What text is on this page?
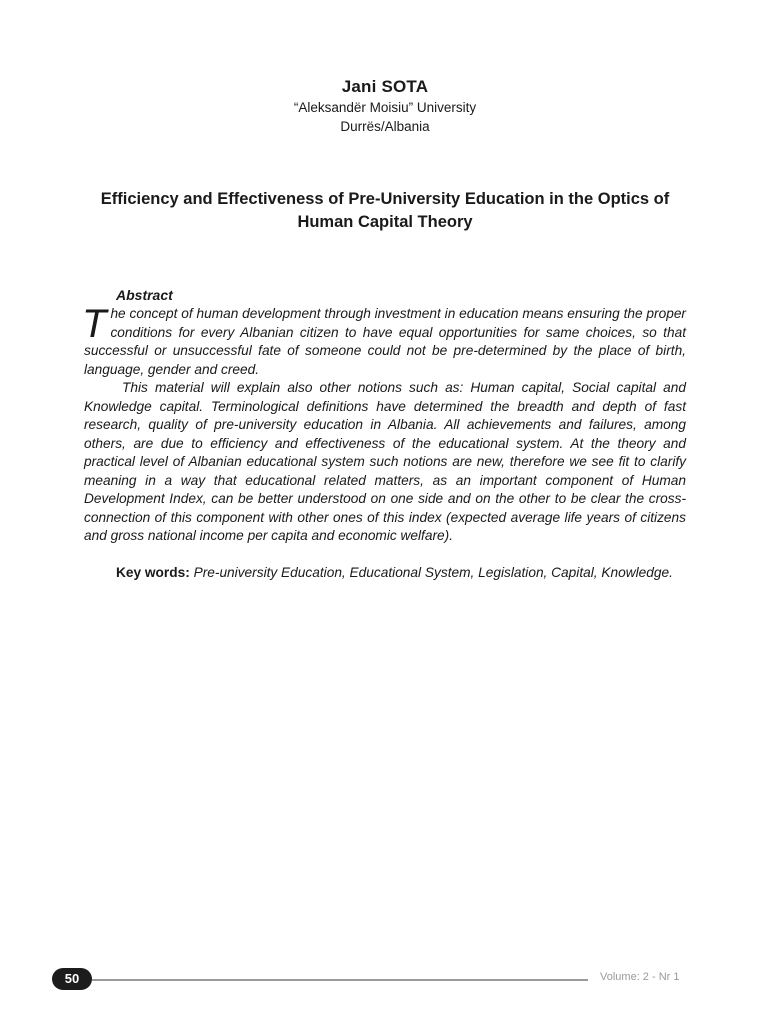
Jani SOTA

“Aleksandër Moisiu” University

Durrës/Albania

Efficiency and Effectiveness of Pre-University Education in the Optics of Human Capital Theory
Abstract

The concept of human development through investment in education means ensuring the proper conditions for every Albanian citizen to have equal opportunities for same choices, so that successful or unsuccessful fate of someone could not be pre-determined by the place of birth, language, gender and creed.

This material will explain also other notions such as: Human capital, Social capital and Knowledge capital. Terminological definitions have determined the breadth and depth of fast research, quality of pre-university education in Albania. All achievements and failures, among others, are due to efficiency and effectiveness of the educational system. At the theory and practical level of Albanian educational system such notions are new, therefore we see fit to clarify meaning in a way that educational related matters, as an important component of Human Development Index, can be better understood on one side and on the other to be clear the cross-connection of this component with other ones of this index (expected average life years of citizens and gross national income per capita and economic welfare).

Key words: Pre-university Education, Educational System, Legislation, Capital, Knowledge.

50	Volume: 2 - Nr 1
